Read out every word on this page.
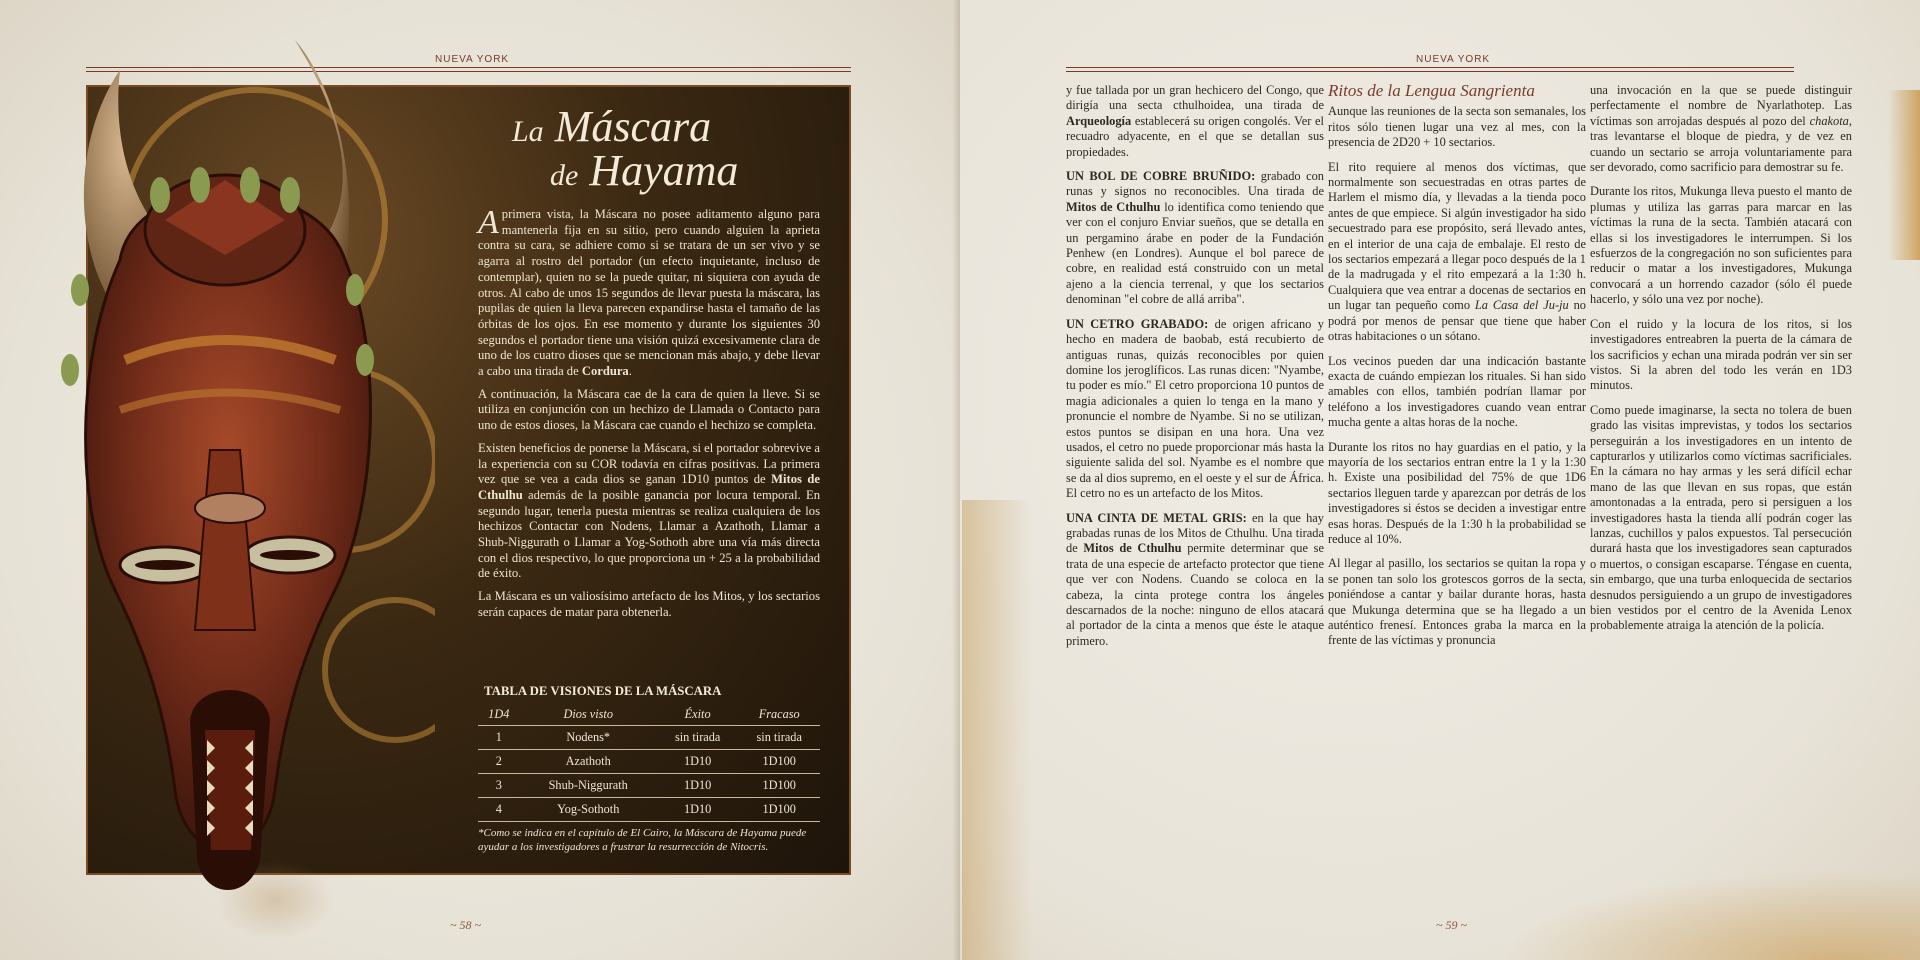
NUEVA YORK
La Máscara
de Hayama

Aprimera vista, la Máscara no posee aditamento alguno para mantenerla fija en su sitio, pero cuando alguien la aprieta contra su cara, se adhiere como si se tratara de un ser vivo y se agarra al rostro del portador (un efecto inquietante, incluso de contemplar), quien no se la puede quitar, ni siquiera con ayuda de otros. Al cabo de unos 15 segundos de llevar puesta la máscara, las pupilas de quien la lleva parecen expandirse hasta el tamaño de las órbitas de los ojos. En ese momento y durante los siguientes 30 segundos el portador tiene una visión quizá excesivamente clara de uno de los cuatro dioses que se mencionan más abajo, y debe llevar a cabo una tirada de Cordura.

A continuación, la Máscara cae de la cara de quien la lleve. Si se utiliza en conjunción con un hechizo de Llamada o Contacto para uno de estos dioses, la Máscara cae cuando el hechizo se completa.

Existen beneficios de ponerse la Máscara, si el portador sobrevive a la experiencia con su COR todavía en cifras positivas. La primera vez que se vea a cada dios se ganan 1D10 puntos de Mitos de Cthulhu además de la posible ganancia por locura temporal. En segundo lugar, tenerla puesta mientras se realiza cualquiera de los hechizos Contactar con Nodens, Llamar a Azathoth, Llamar a Shub-Niggurath o Llamar a Yog-Sothoth abre una vía más directa con el dios respectivo, lo que proporciona un + 25 a la probabilidad de éxito.

La Máscara es un valiosísimo artefacto de los Mitos, y los sectarios serán capaces de matar para obtenerla.

TABLA DE VISIONES DE LA MÁSCARA
1D4	Dios visto	Éxito	Fracaso
1	Nodens*	sin tirada	sin tirada
2	Azathoth	1D10	1D100
3	Shub-Niggurath	1D10	1D100
4	Yog-Sothoth	1D10	1D100
*Como se indica en el capítulo de El Cairo, la Máscara de Hayama puede ayudar a los investigadores a frustrar la resurrección de Nitocris.
~ 58 ~
NUEVA YORK

y fue tallada por un gran hechicero del Congo, que dirigía una secta cthulhoidea, una tirada de Arqueología establecerá su origen congolés. Ver el recuadro adyacente, en el que se detallan sus propiedades.

UN BOL DE COBRE BRUÑIDO: grabado con runas y signos no reconocibles. Una tirada de Mitos de Cthulhu lo identifica como teniendo que ver con el conjuro Enviar sueños, que se detalla en un pergamino árabe en poder de la Fundación Penhew (en Londres). Aunque el bol parece de cobre, en realidad está construido con un metal ajeno a la ciencia terrenal, y que los sectarios denominan "el cobre de allá arriba".

UN CETRO GRABADO: de origen africano y hecho en madera de baobab, está recubierto de antiguas runas, quizás reconocibles por quien domine los jeroglíficos. Las runas dicen: "Nyambe, tu poder es mío." El cetro proporciona 10 puntos de magia adicionales a quien lo tenga en la mano y pronuncie el nombre de Nyambe. Si no se utilizan, estos puntos se disipan en una hora. Una vez usados, el cetro no puede proporcionar más hasta la siguiente salida del sol. Nyambe es el nombre que se da al dios supremo, en el oeste y el sur de África. El cetro no es un artefacto de los Mitos.

UNA CINTA DE METAL GRIS: en la que hay grabadas runas de los Mitos de Cthulhu. Una tirada de Mitos de Cthulhu permite determinar que se trata de una especie de artefacto protector que tiene que ver con Nodens. Cuando se coloca en la cabeza, la cinta protege contra los ángeles descarnados de la noche: ninguno de ellos atacará al portador de la cinta a menos que éste le ataque primero.

Ritos de la Lengua Sangrienta

Aunque las reuniones de la secta son semanales, los ritos sólo tienen lugar una vez al mes, con la presencia de 2D20 + 10 sectarios.

El rito requiere al menos dos víctimas, que normalmente son secuestradas en otras partes de Harlem el mismo día, y llevadas a la tienda poco antes de que empiece. Si algún investigador ha sido secuestrado para ese propósito, será llevado antes, en el interior de una caja de embalaje. El resto de los sectarios empezará a llegar poco después de la 1 de la madrugada y el rito empezará a la 1:30 h. Cualquiera que vea entrar a docenas de sectarios en un lugar tan pequeño como La Casa del Ju-ju no podrá por menos de pensar que tiene que haber otras habitaciones o un sótano.

Los vecinos pueden dar una indicación bastante exacta de cuándo empiezan los rituales. Si han sido amables con ellos, también podrían llamar por teléfono a los investigadores cuando vean entrar mucha gente a altas horas de la noche.

Durante los ritos no hay guardias en el patio, y la mayoría de los sectarios entran entre la 1 y la 1:30 h. Existe una posibilidad del 75% de que 1D6 sectarios lleguen tarde y aparezcan por detrás de los investigadores si éstos se deciden a investigar entre esas horas. Después de la 1:30 h la probabilidad se reduce al 10%.

Al llegar al pasillo, los sectarios se quitan la ropa y se ponen tan solo los grotescos gorros de la secta, poniéndose a cantar y bailar durante horas, hasta que Mukunga determina que se ha llegado a un auténtico frenesí. Entonces graba la marca en la frente de las víctimas y pronuncia

una invocación en la que se puede distinguir perfectamente el nombre de Nyarlathotep. Las víctimas son arrojadas después al pozo del chakota, tras levantarse el bloque de piedra, y de vez en cuando un sectario se arroja voluntariamente para ser devorado, como sacrificio para demostrar su fe.

Durante los ritos, Mukunga lleva puesto el manto de plumas y utiliza las garras para marcar en las víctimas la runa de la secta. También atacará con ellas si los investigadores le interrumpen. Si los esfuerzos de la congregación no son suficientes para reducir o matar a los investigadores, Mukunga convocará a un horrendo cazador (sólo él puede hacerlo, y sólo una vez por noche).

Con el ruido y la locura de los ritos, si los investigadores entreabren la puerta de la cámara de los sacrificios y echan una mirada podrán ver sin ser vistos. Si la abren del todo les verán en 1D3 minutos.

Como puede imaginarse, la secta no tolera de buen grado las visitas imprevistas, y todos los sectarios perseguirán a los investigadores en un intento de capturarlos y utilizarlos como víctimas sacrificiales. En la cámara no hay armas y les será difícil echar mano de las que llevan en sus ropas, que están amontonadas a la entrada, pero si persiguen a los investigadores hasta la tienda allí podrán coger las lanzas, cuchillos y palos expuestos. Tal persecución durará hasta que los investigadores sean capturados o muertos, o consigan escaparse. Téngase en cuenta, sin embargo, que una turba enloquecida de sectarios desnudos persiguiendo a un grupo de investigadores bien vestidos por el centro de la Avenida Lenox probablemente atraiga la atención de la policía.

~ 59 ~
